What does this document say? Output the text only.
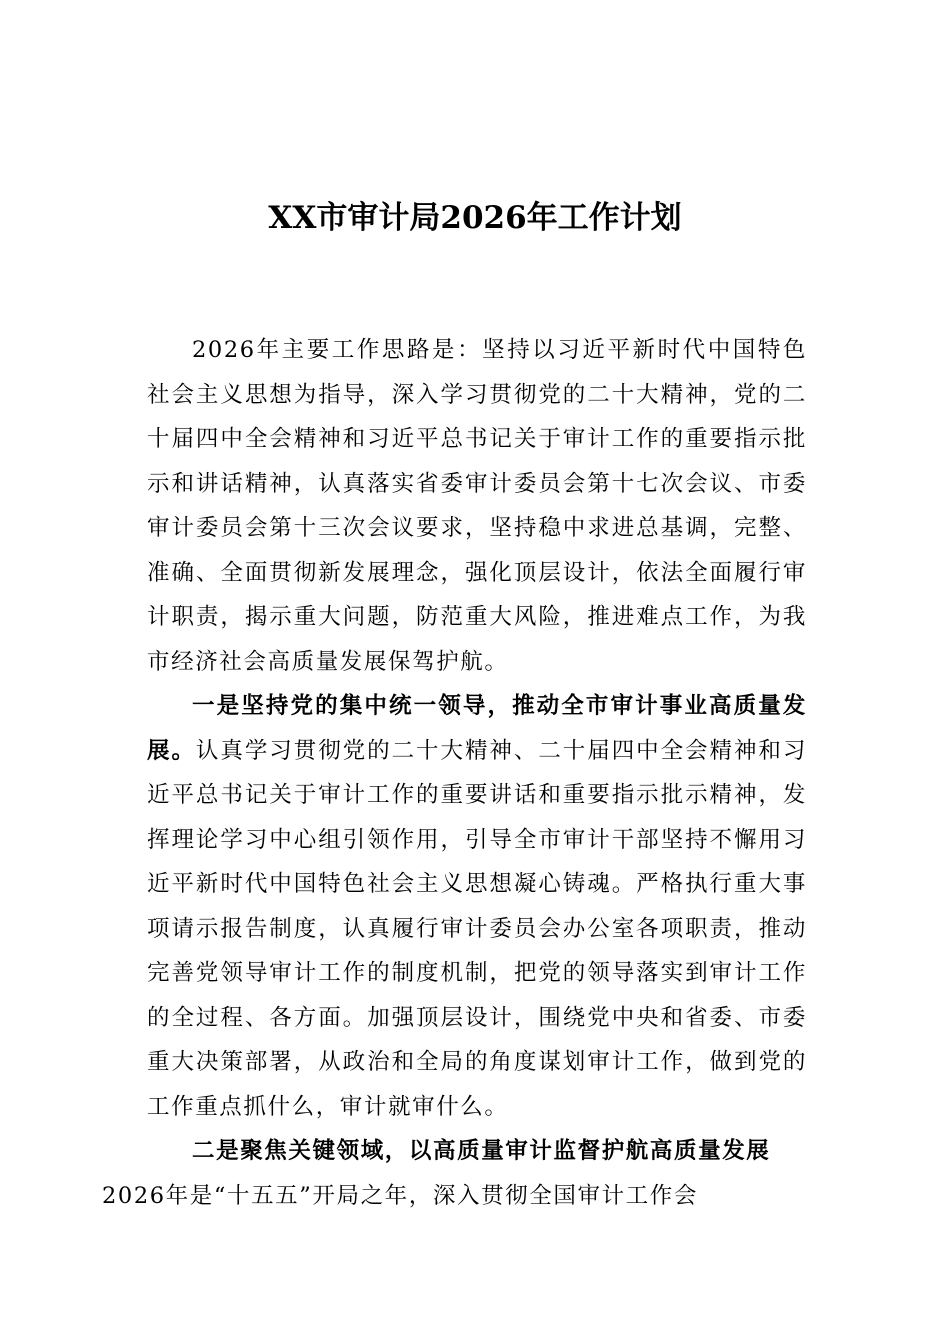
XX市审计局2026年工作计划

2026年主要工作思路是：坚持以习近平新时代中国特色社会主义思想为指导，深入学习贯彻党的二十大精神，党的二十届四中全会精神和习近平总书记关于审计工作的重要指示批示和讲话精神，认真落实省委审计委员会第十七次会议、市委审计委员会第十三次会议要求，坚持稳中求进总基调，完整、准确、全面贯彻新发展理念，强化顶层设计，依法全面履行审计职责，揭示重大问题，防范重大风险，推进难点工作，为我市经济社会高质量发展保驾护航。

一是坚持党的集中统一领导，推动全市审计事业高质量发展。认真学习贯彻党的二十大精神、二十届四中全会精神和习近平总书记关于审计工作的重要讲话和重要指示批示精神，发挥理论学习中心组引领作用，引导全市审计干部坚持不懈用习近平新时代中国特色社会主义思想凝心铸魂。严格执行重大事项请示报告制度，认真履行审计委员会办公室各项职责，推动完善党领导审计工作的制度机制，把党的领导落实到审计工作的全过程、各方面。加强顶层设计，围绕党中央和省委、市委重大决策部署，从政治和全局的角度谋划审计工作，做到党的工作重点抓什么，审计就审什么。

二是聚焦关键领域，以高质量审计监督护航高质量发展
2026年是“十五五”开局之年，深入贯彻全国审计工作会
